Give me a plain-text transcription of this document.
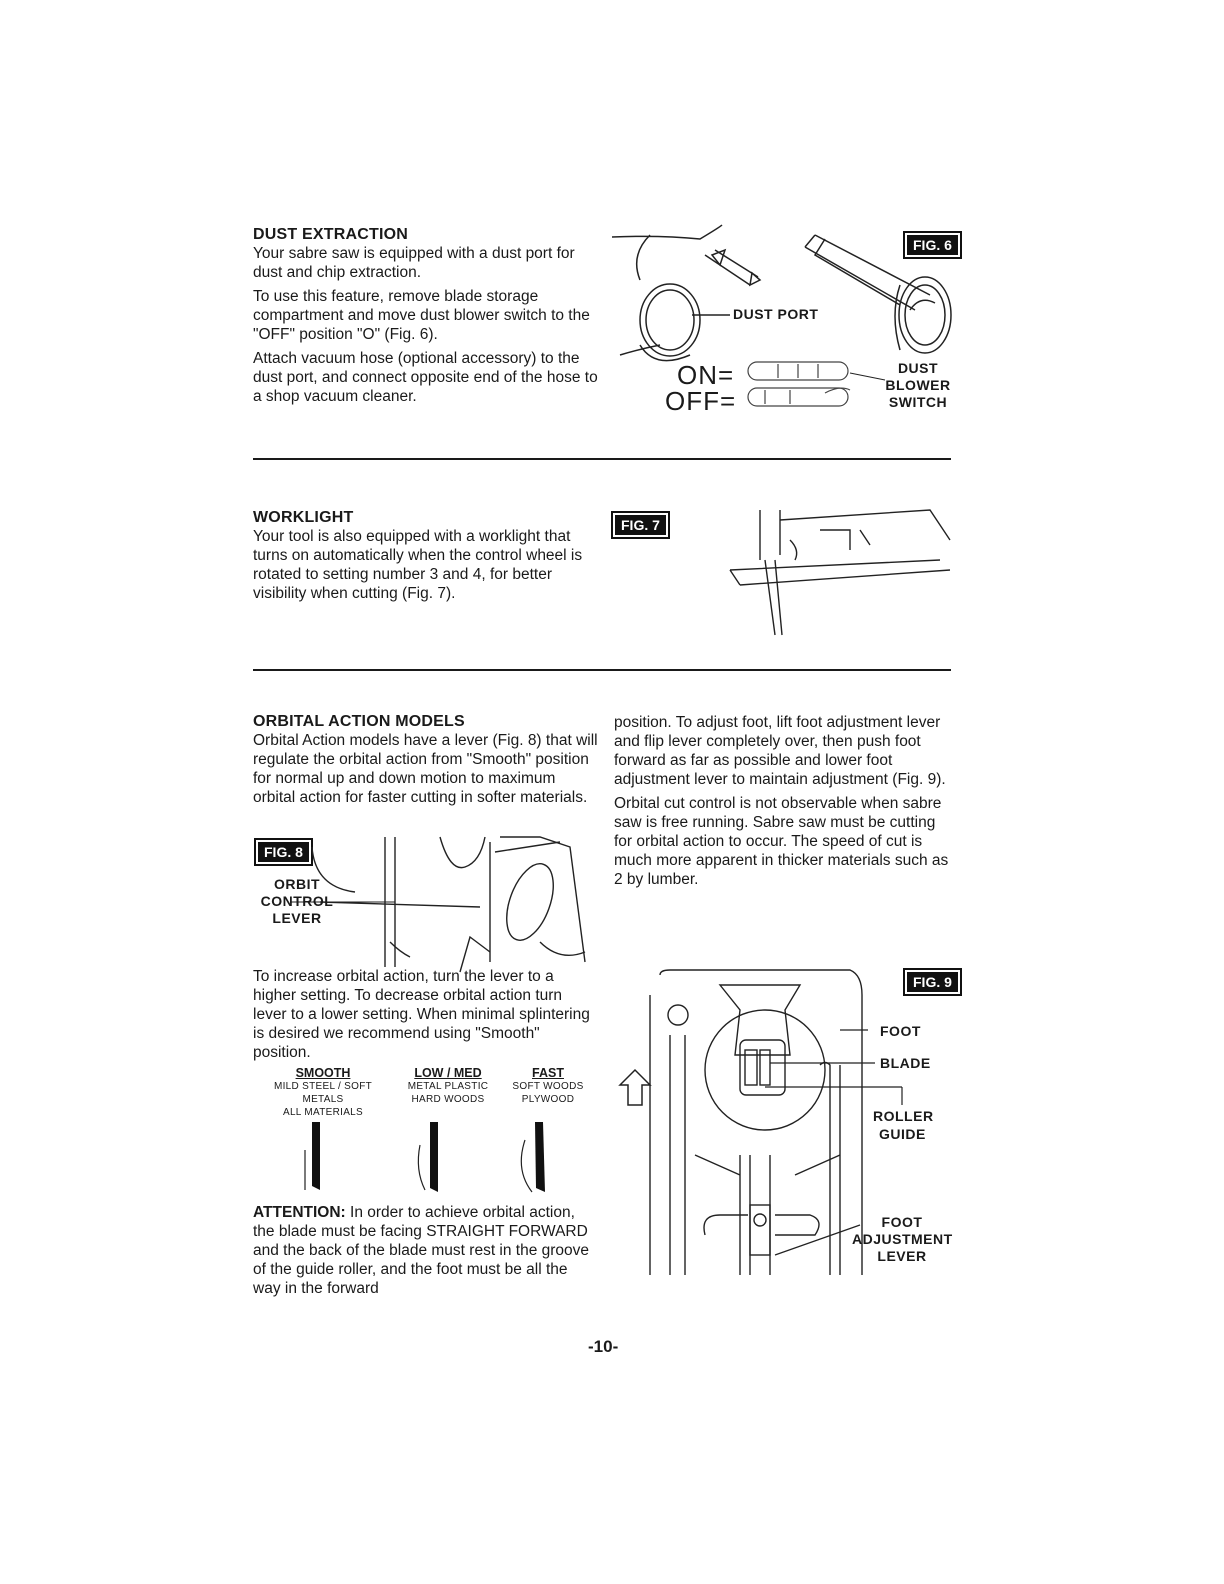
DUST EXTRACTION

Your sabre saw is equipped with a dust port for dust and chip extraction.

To use this feature, remove blade storage compartment and move dust blower switch to the "OFF" position "O" (Fig. 6).

Attach vacuum hose (optional accessory) to the dust port, and connect opposite end of the hose to a shop vacuum cleaner.

FIG. 6
DUST PORT
ON=
OFF=
DUST
BLOWER
SWITCH
WORKLIGHT

Your tool is also equipped with a worklight that turns on automatically when the control wheel is rotated to setting number 3 and 4, for better visibility when cutting (Fig. 7).

FIG. 7
ORBITAL ACTION MODELS

Orbital Action models have a lever (Fig. 8) that will regulate the orbital action from "Smooth" position for normal up and down motion to maximum orbital action for faster cutting in softer materials.

FIG. 8
ORBIT
CONTROL
LEVER

To increase orbital action, turn the lever to a higher setting. To decrease orbital action turn lever to a lower setting. When minimal splintering is desired we recommend using "Smooth" position.

SMOOTH
MILD STEEL / SOFT METALS
ALL MATERIALS
LOW / MED
METAL PLASTIC
HARD WOODS
FAST
SOFT WOODS
PLYWOOD

ATTENTION: In order to achieve orbital action, the blade must be facing STRAIGHT FORWARD and the back of the blade must rest in the groove of the guide roller, and the foot must be all the way in the forward

position. To adjust foot, lift foot adjustment lever and flip lever completely over, then push foot forward as far as possible and lower foot adjustment lever to maintain adjustment (Fig. 9).

Orbital cut control is not observable when sabre saw is free running. Sabre saw must be cutting for orbital action to occur. The speed of cut is much more apparent in thicker materials such as 2 by lumber.

FIG. 9
FOOT
BLADE
ROLLER
GUIDE
FOOT
ADJUSTMENT
LEVER
-10-
